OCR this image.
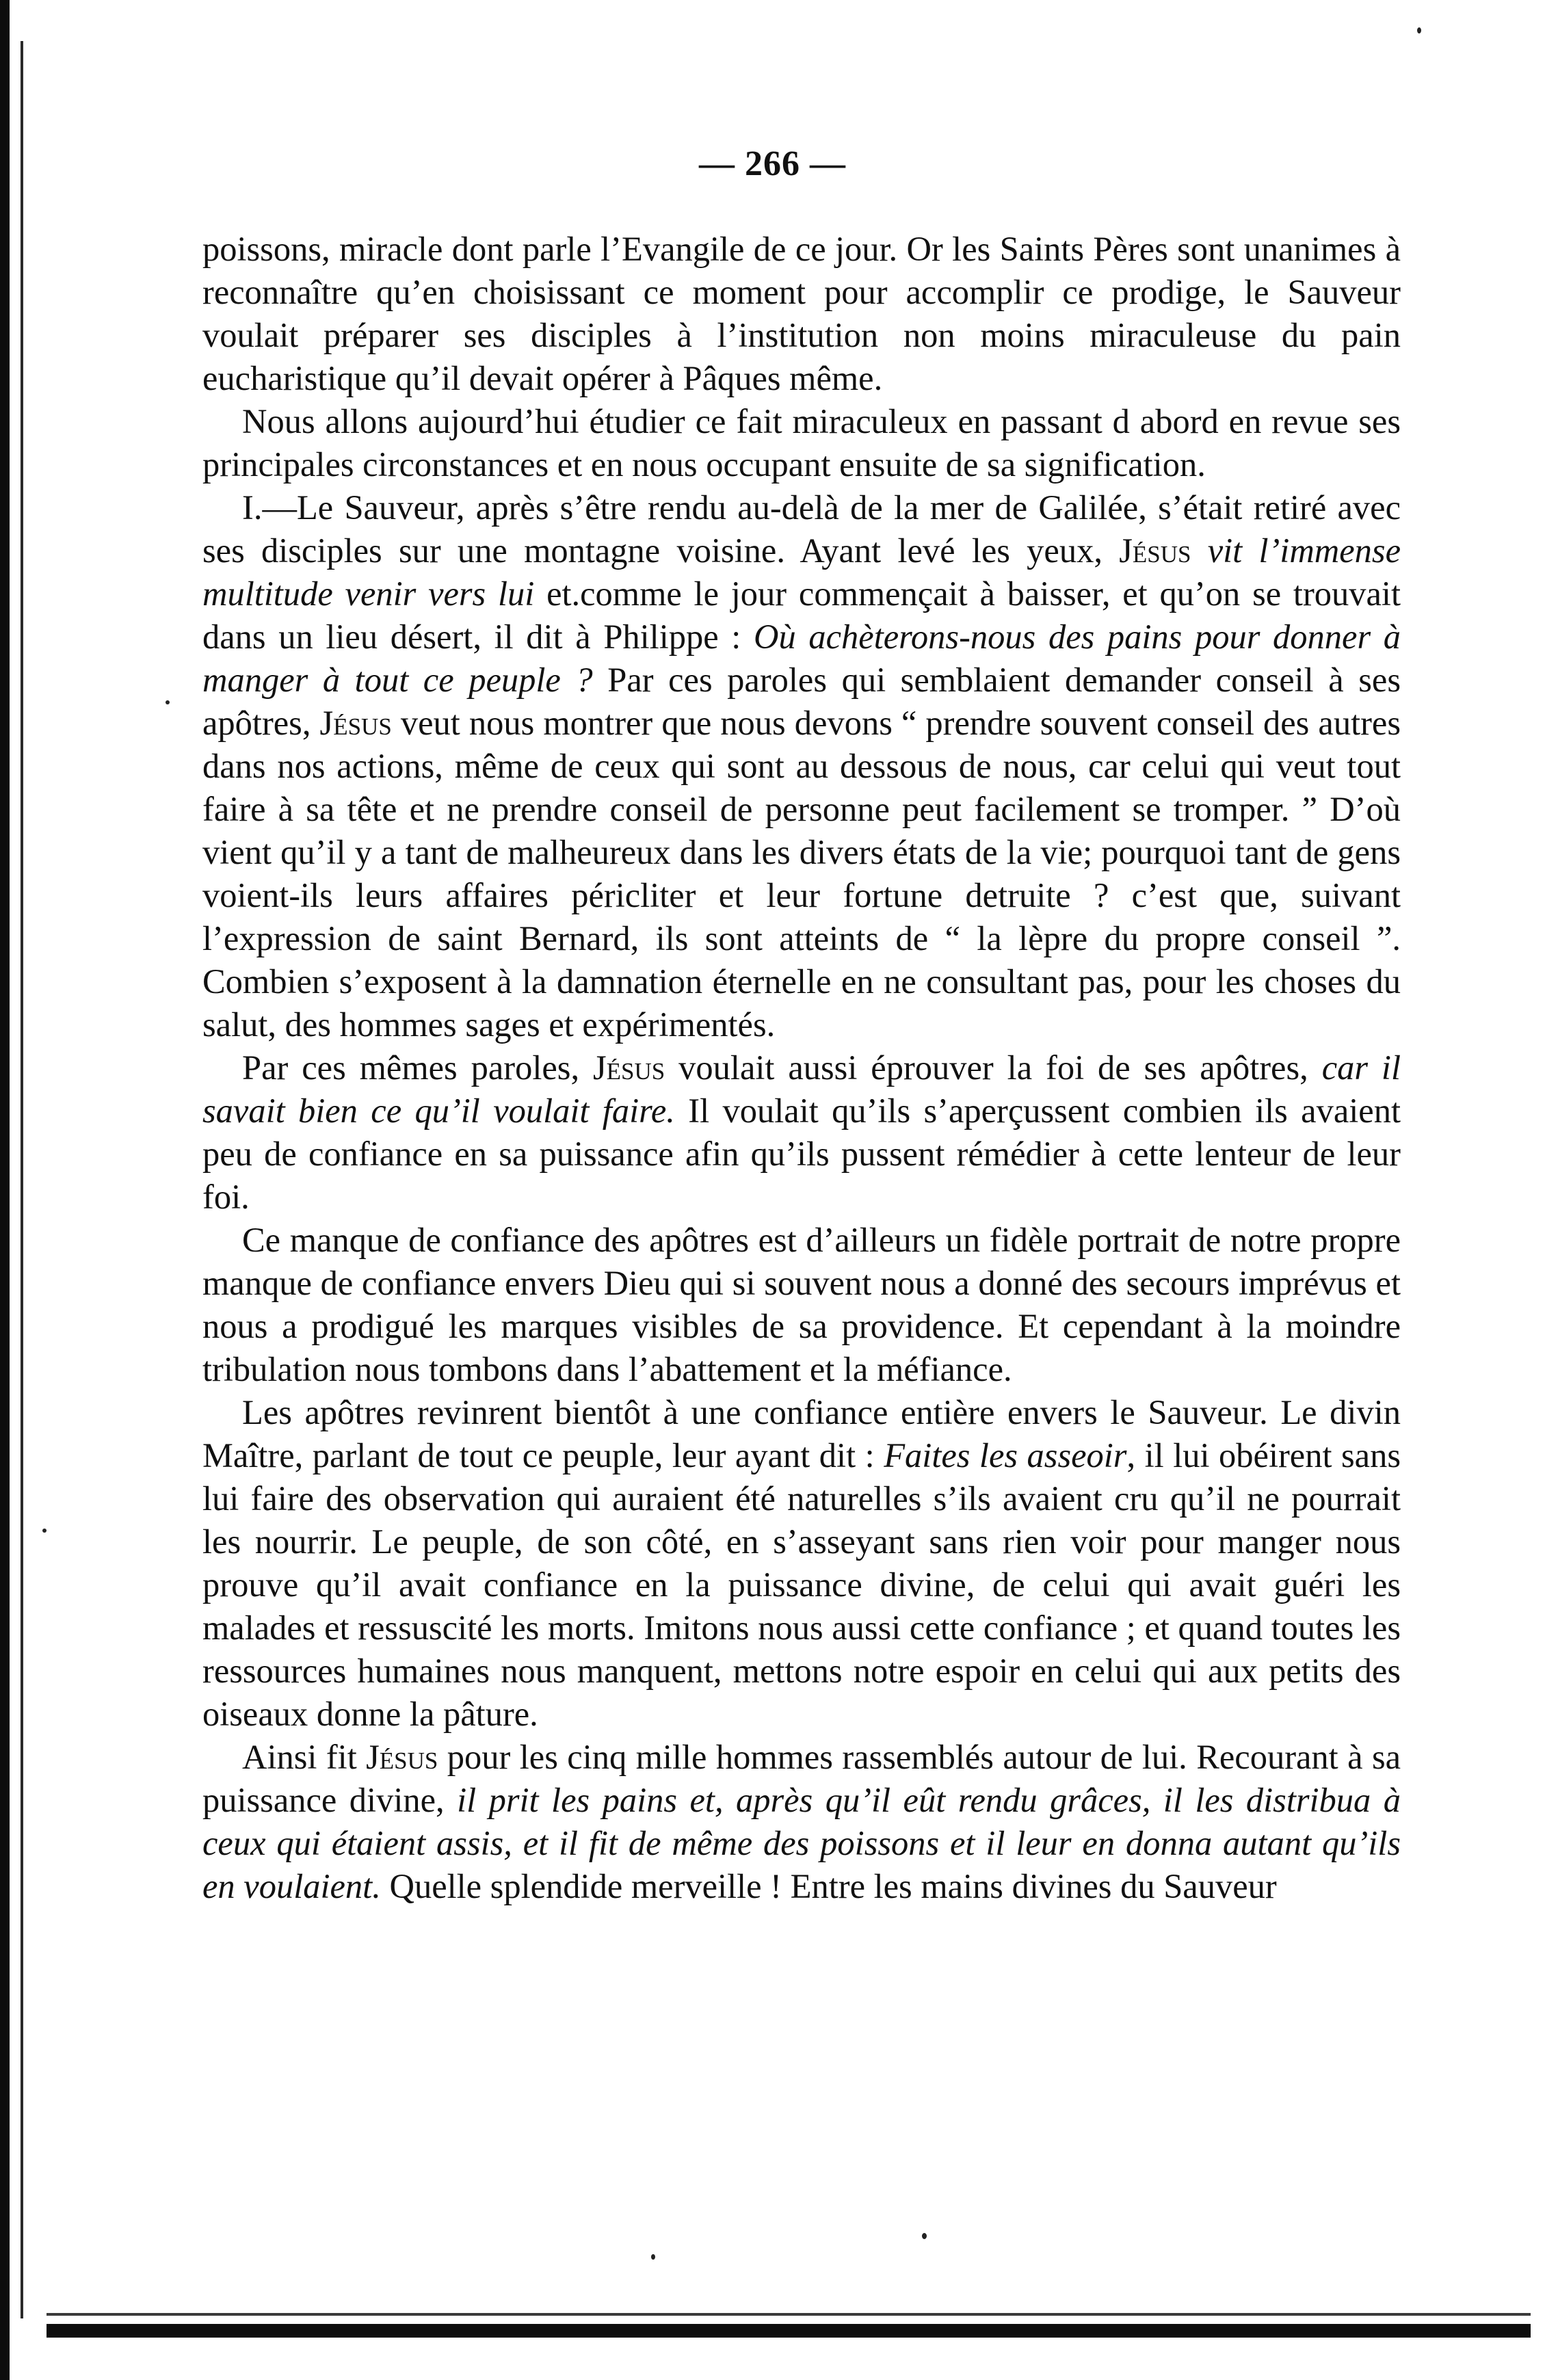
— 266 —

poissons, miracle dont parle l’Evangile de ce jour. Or les Saints Pères sont unanimes à reconnaître qu’en choisissant ce moment pour accomplir ce prodige, le Sauveur voulait préparer ses disciples à l’institution non moins miraculeuse du pain eucharistique qu’il devait opérer à Pâques même.

Nous allons aujourd’hui étudier ce fait miraculeux en passant d abord en revue ses principales circonstances et en nous occupant ensuite de sa signification.

I.—Le Sauveur, après s’être rendu au-delà de la mer de Galilée, s’était retiré avec ses disciples sur une montagne voisine. Ayant levé les yeux, Jésus vit l’immense multitude venir vers lui et.comme le jour commençait à baisser, et qu’on se trouvait dans un lieu désert, il dit à Philippe : Où achèterons-nous des pains pour donner à manger à tout ce peuple ? Par ces paroles qui semblaient demander conseil à ses apôtres, Jésus veut nous montrer que nous devons “ prendre souvent conseil des autres dans nos actions, même de ceux qui sont au dessous de nous, car celui qui veut tout faire à sa tête et ne prendre conseil de personne peut facilement se tromper. ” D’où vient qu’il y a tant de malheureux dans les divers états de la vie; pourquoi tant de gens voient-ils leurs affaires péricliter et leur fortune detruite ? c’est que, suivant l’expression de saint Bernard, ils sont atteints de “ la lèpre du propre conseil ”. Combien s’exposent à la damnation éternelle en ne consultant pas, pour les choses du salut, des hommes sages et expérimentés.

Par ces mêmes paroles, Jésus voulait aussi éprouver la foi de ses apôtres, car il savait bien ce qu’il voulait faire. Il voulait qu’ils s’aperçussent combien ils avaient peu de confiance en sa puissance afin qu’ils pussent rémédier à cette lenteur de leur foi.

Ce manque de confiance des apôtres est d’ailleurs un fidèle portrait de notre propre manque de confiance envers Dieu qui si souvent nous a donné des secours imprévus et nous a prodigué les marques visibles de sa providence. Et cependant à la moindre tribulation nous tombons dans l’abattement et la méfiance.

Les apôtres revinrent bientôt à une confiance entière envers le Sauveur. Le divin Maître, parlant de tout ce peuple, leur ayant dit : Faites les asseoir, il lui obéirent sans lui faire des observation qui auraient été naturelles s’ils avaient cru qu’il ne pourrait les nourrir. Le peuple, de son côté, en s’asseyant sans rien voir pour manger nous prouve qu’il avait confiance en la puissance divine, de celui qui avait guéri les malades et ressuscité les morts. Imitons nous aussi cette confiance ; et quand toutes les ressources humaines nous manquent, mettons notre espoir en celui qui aux petits des oiseaux donne la pâture.

Ainsi fit Jésus pour les cinq mille hommes rassemblés autour de lui. Recourant à sa puissance divine, il prit les pains et, après qu’il eût rendu grâces, il les distribua à ceux qui étaient assis, et il fit de même des poissons et il leur en donna autant qu’ils en voulaient. Quelle splendide merveille ! Entre les mains divines du Sauveur
